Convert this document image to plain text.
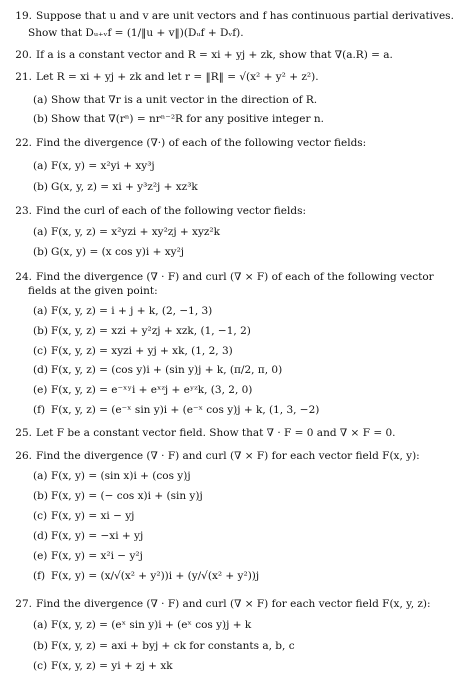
19. Suppose that u and v are unit vectors and f has continuous partial derivatives.
Show that Dᵤ₊ᵥf = (1/‖u + v‖)(Dᵤf + Dᵥf).
20. If a is a constant vector and R = xi + yj + zk, show that ∇(a.R) = a.
21. Let R = xi + yj + zk and let r = ‖R‖ = √(x² + y² + z²).
(a) Show that ∇r is a unit vector in the direction of R.
(b) Show that ∇(rⁿ) = nrⁿ⁻²R for any positive integer n.
22. Find the divergence (∇·) of each of the following vector fields:
(a) F(x, y) = x²yi + xy³j
(b) G(x, y, z) = xi + y³z²j + xz³k
23. Find the curl of each of the following vector fields:
(a) F(x, y, z) = x²yzi + xy²zj + xyz²k
(b) G(x, y) = (x cos y)i + xy²j
24. Find the divergence (∇ · F) and curl (∇ × F) of each of the following vector
fields at the given point:
(a) F(x, y, z) = i + j + k, (2, −1, 3)
(b) F(x, y, z) = xzi + y²zj + xzk, (1, −1, 2)
(c) F(x, y, z) = xyzi + yj + xk, (1, 2, 3)
(d) F(x, y, z) = (cos y)i + (sin y)j + k, (π/2, π, 0)
(e) F(x, y, z) = e⁻ˣʸi + eˣᶻj + eʸᶻk, (3, 2, 0)
(f) F(x, y, z) = (e⁻ˣ sin y)i + (e⁻ˣ cos y)j + k, (1, 3, −2)
25. Let F be a constant vector field. Show that ∇ · F = 0 and ∇ × F = 0.
26. Find the divergence (∇ · F) and curl (∇ × F) for each vector field F(x, y):
(a) F(x, y) = (sin x)i + (cos y)j
(b) F(x, y) = (− cos x)i + (sin y)j
(c) F(x, y) = xi − yj
(d) F(x, y) = −xi + yj
(e) F(x, y) = x²i − y²j
(f) F(x, y) = (x/√(x² + y²))i + (y/√(x² + y²))j
27. Find the divergence (∇ · F) and curl (∇ × F) for each vector field F(x, y, z):
(a) F(x, y, z) = (eˣ sin y)i + (eˣ cos y)j + k
(b) F(x, y, z) = axi + byj + ck for constants a, b, c
(c) F(x, y, z) = yi + zj + xk
